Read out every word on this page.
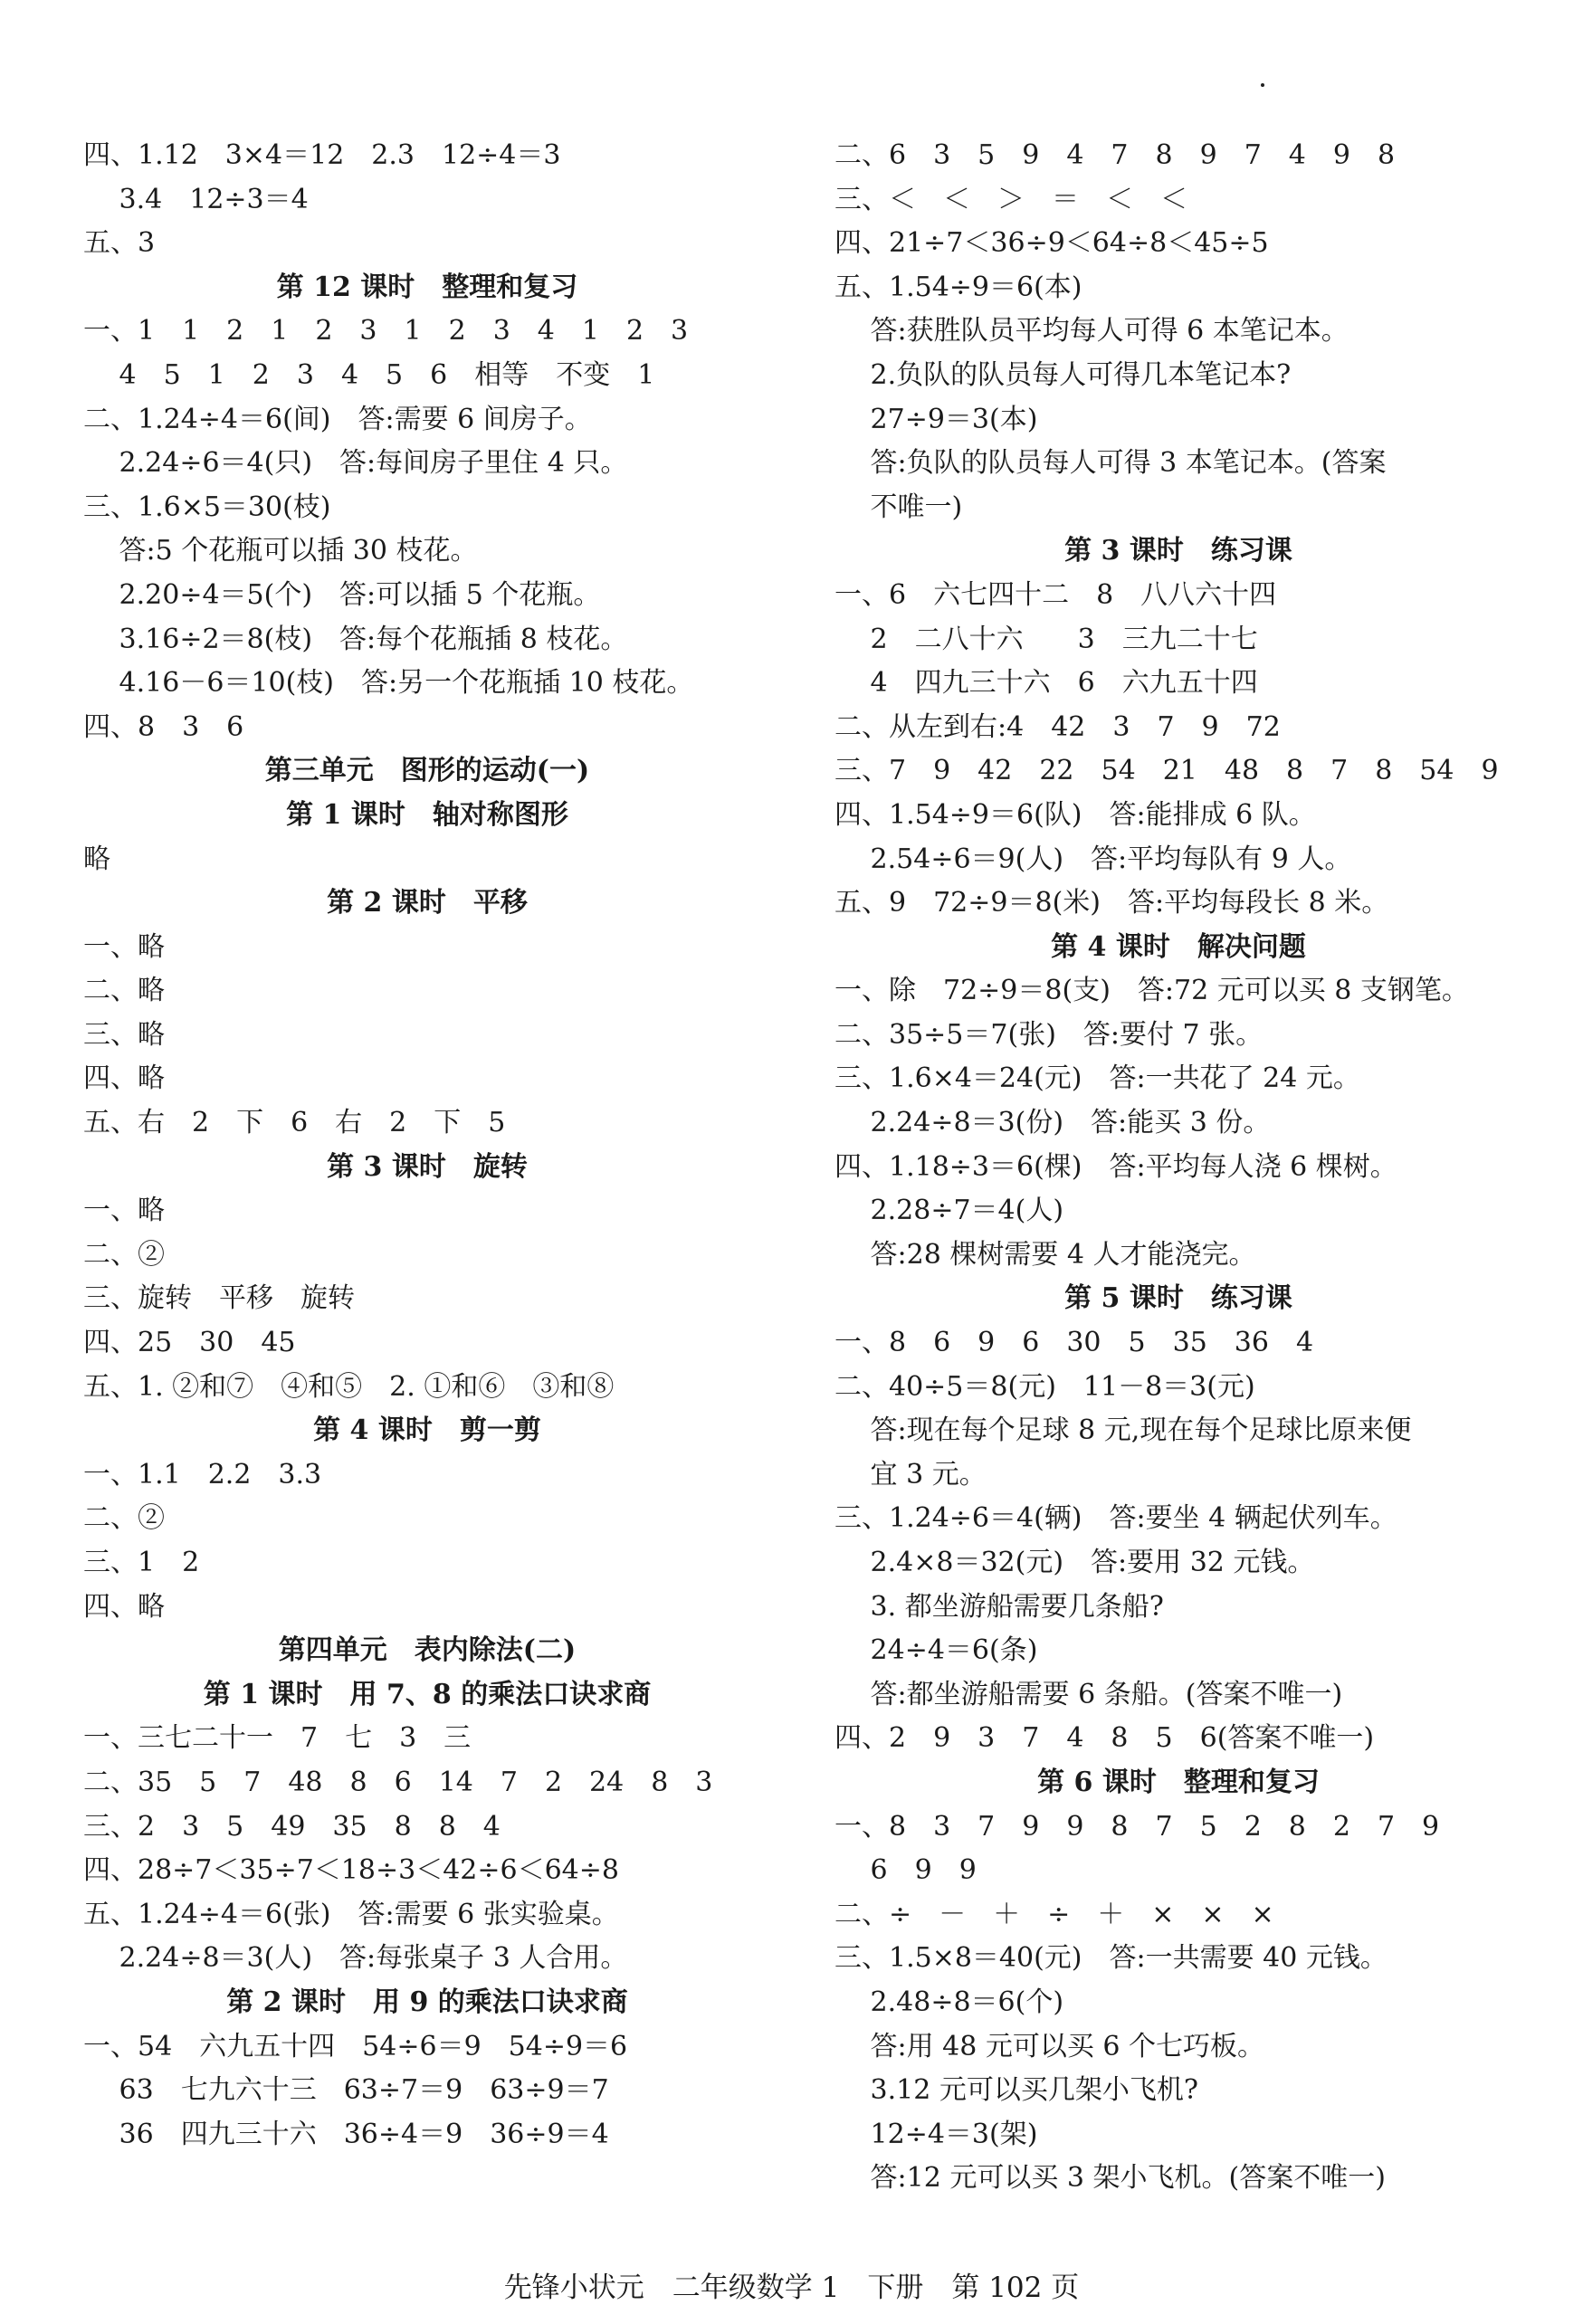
四、1.12　3×4＝12　2.3　12÷4＝3
　 3.4　12÷3＝4
五、3
第 12 课时　整理和复习
一、1　1　2　1　2　3　1　2　3　4　1　2　3
　 4　5　1　2　3　4　5　6　相等　不变　1
二、1.24÷4＝6(间)　答:需要 6 间房子。
　 2.24÷6＝4(只)　答:每间房子里住 4 只。
三、1.6×5＝30(枝)
　 答:5 个花瓶可以插 30 枝花。
　 2.20÷4＝5(个)　答:可以插 5 个花瓶。
　 3.16÷2＝8(枝)　答:每个花瓶插 8 枝花。
　 4.16－6＝10(枝)　答:另一个花瓶插 10 枝花。
四、8　3　6
第三单元　图形的运动(一)
第 1 课时　轴对称图形
略
第 2 课时　平移
一、略
二、略
三、略
四、略
五、右　2　下　6　右　2　下　5
第 3 课时　旋转
一、略
二、②
三、旋转　平移　旋转
四、25　30　45
五、1. ②和⑦　④和⑤　2. ①和⑥　③和⑧
第 4 课时　剪一剪
一、1.1　2.2　3.3
二、②
三、1　2
四、略
第四单元　表内除法(二)
第 1 课时　用 7、8 的乘法口诀求商
一、三七二十一　7　七　3　三
二、35　5　7　48　8　6　14　7　2　24　8　3
三、2　3　5　49　35　8　8　4
四、28÷7＜35÷7＜18÷3＜42÷6＜64÷8
五、1.24÷4＝6(张)　答:需要 6 张实验桌。
　 2.24÷8＝3(人)　答:每张桌子 3 人合用。
第 2 课时　用 9 的乘法口诀求商
一、54　六九五十四　54÷6＝9　54÷9＝6
　 63　七九六十三　63÷7＝9　63÷9＝7
　 36　四九三十六　36÷4＝9　36÷9＝4
二、6　3　5　9　4　7　8　9　7　4　9　8
三、＜　＜　＞　＝　＜　＜
四、21÷7＜36÷9＜64÷8＜45÷5
五、1.54÷9＝6(本)
　 答:获胜队员平均每人可得 6 本笔记本。
　 2.负队的队员每人可得几本笔记本?
　 27÷9＝3(本)
　 答:负队的队员每人可得 3 本笔记本。(答案
　 不唯一)
第 3 课时　练习课
一、6　六七四十二　8　八八六十四
　 2　二八十六　　3　三九二十七
　 4　四九三十六　6　六九五十四
二、从左到右:4　42　3　7　9　72
三、7　9　42　22　54　21　48　8　7　8　54　9
四、1.54÷9＝6(队)　答:能排成 6 队。
　 2.54÷6＝9(人)　答:平均每队有 9 人。
五、9　72÷9＝8(米)　答:平均每段长 8 米。
第 4 课时　解决问题
一、除　72÷9＝8(支)　答:72 元可以买 8 支钢笔。
二、35÷5＝7(张)　答:要付 7 张。
三、1.6×4＝24(元)　答:一共花了 24 元。
　 2.24÷8＝3(份)　答:能买 3 份。
四、1.18÷3＝6(棵)　答:平均每人浇 6 棵树。
　 2.28÷7＝4(人)
　 答:28 棵树需要 4 人才能浇完。
第 5 课时　练习课
一、8　6　9　6　30　5　35　36　4
二、40÷5＝8(元)　11－8＝3(元)
　 答:现在每个足球 8 元,现在每个足球比原来便
　 宜 3 元。
三、1.24÷6＝4(辆)　答:要坐 4 辆起伏列车。
　 2.4×8＝32(元)　答:要用 32 元钱。
　 3. 都坐游船需要几条船?
　 24÷4＝6(条)
　 答:都坐游船需要 6 条船。(答案不唯一)
四、2　9　3　7　4　8　5　6(答案不唯一)
第 6 课时　整理和复习
一、8　3　7　9　9　8　7　5　2　8　2　7　9
　 6　9　9
二、÷　－　＋　÷　＋　×　×　×
三、1.5×8＝40(元)　答:一共需要 40 元钱。
　 2.48÷8＝6(个)
　 答:用 48 元可以买 6 个七巧板。
　 3.12 元可以买几架小飞机?
　 12÷4＝3(架)
　 答:12 元可以买 3 架小飞机。(答案不唯一)
先锋小状元　二年级数学 1　下册　第 102 页
